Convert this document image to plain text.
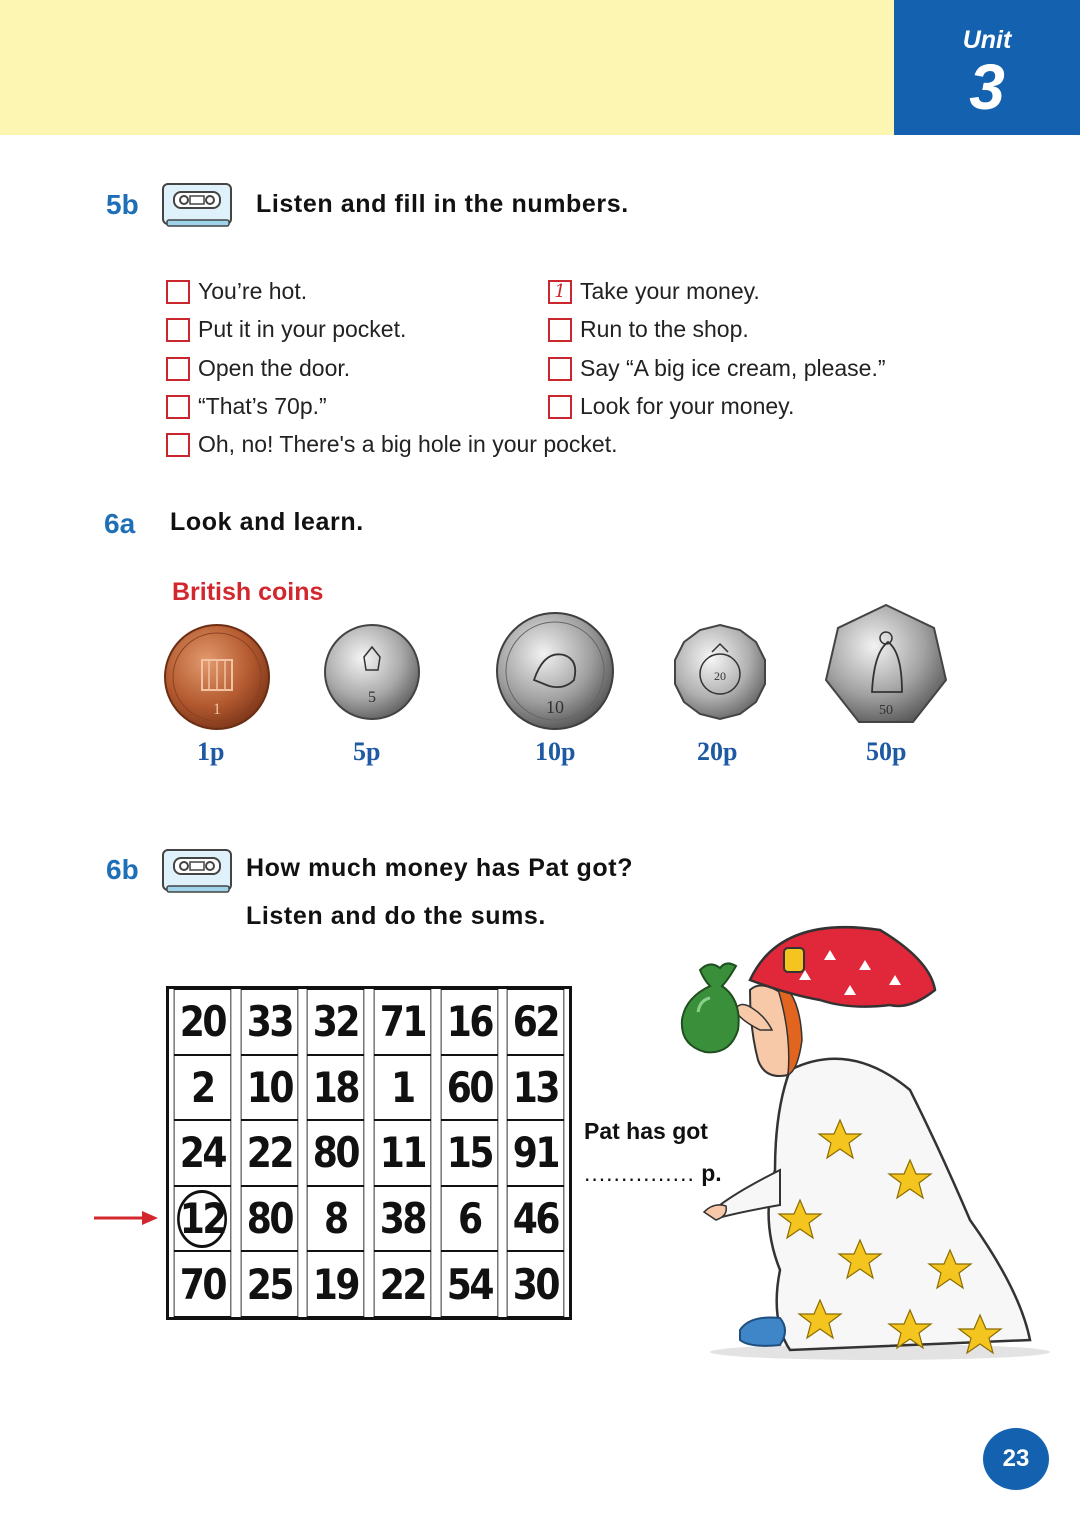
Unit
3
5b	Listen and fill in the numbers.
You’re hot.
Put it in your pocket.
Open the door.
“That’s 70p.”
Oh, no! There's a big hole in your pocket.
1 Take your money.
Run to the shop.
Say “A big ice cream, please.”
Look for your money.
6a Look and learn.
British coins
1
5	10
20
50
1p	5p	10p	20p	50p
6b	How much money has Pat got?
Listen and do the sums.
20 33 32 71 16 62
2 10 18 1 60 13
24 22 80 11 15 91
12 80 8 38 6 46
70 25 19 22 54 30
Pat has got
............... p.
23
